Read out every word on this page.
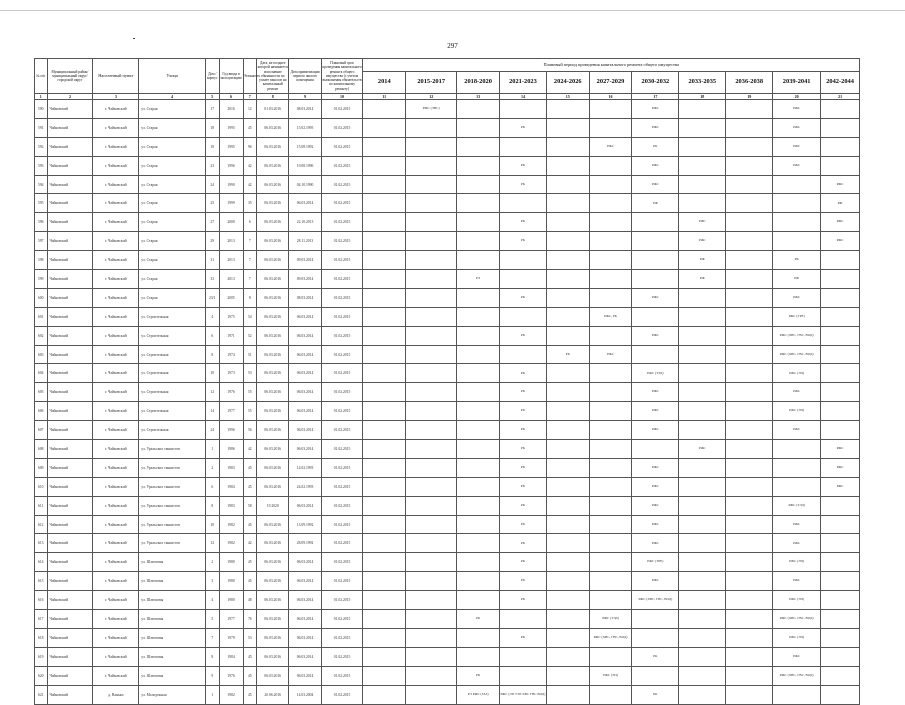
297
№ п/п	Муниципальный район/муниципальный округ/городской округ	Населенный пункт	Улица	Дом / корпус	Год ввода в эксплуатацию	Этажность	Дата, не позднее которой начинается исполнение обязанности по уплате взносов на капитальный ремонт	Дата приватизации первого жилого помещения	Плановый срок проведения капитального ремонта общего имущества (с учетом выполнения обязательств по капитальному ремонту)	Плановый период проведения капитального ремонта общего имущества										
										2014	2015-2017	2018-2020	2021-2023	2024-2026	2027-2029	2030-2032	2033-2035	2036-2038	2039-2041	2042-2044
1	2	3	4	5	6	7	8	9	10	11	12	13	14	15	16	17	18	19	20	21
590	Чайковский	г. Чайковский	ул. Старая	17	2016	12	01.03.2016	08.03.2014	01.02.2015		РЖС (ЭВС)					РЖС			РЖС	
591	Чайковский	г. Чайковский	ул. Старая	18	1995	45	06.03.2016	15.02.1995	01.02.2015				РК			РЖС			РЖС	
592	Чайковский	г. Чайковский	ул. Старая	19	1995	96	06.03.2016	15.08.1992	01.02.2015						РЖС	РК			РЖС	
593	Чайковский	г. Чайковский	ул. Старая	23	1996	42	06.03.2016	19.08.1996	01.02.2015				РК			РЖС			РЖС	
594	Чайковский	г. Чайковский	ул. Старая	24	1990	42	06.03.2016	04.10.1990	01.02.2015				РК			РЖС				РЖС
595	Чайковский	г. Чайковский	ул. Старая	25	1999	35	06.03.2016	06.03.2014	01.02.2015							РЖ				РЖ
596	Чайковский	г. Чайковский	ул. Старая	27	2000	6	06.03.2016	22.10.2013	01.02.2015				РК				РЖС			РЖС
597	Чайковский	г. Чайковский	ул. Старая	29	2013	7	06.03.2016	28.11.2013	01.02.2015				РК				РЖС			РЖС
598	Чайковский	г. Чайковский	ул. Старая	31	2013	7	06.03.2016	09.03.2014	01.02.2015								РЖ		РК	
599	Чайковский	г. Чайковский	ул. Старая	33	2013	7	06.03.2016	09.03.2014	01.02.2015			РЭ					РЖ		РЖ	
600	Чайковский	г. Чайковский	ул. Старая	23/1	2005	8	06.03.2016	08.03.2014	01.02.2015				РК			РЖС			РЖС	
601	Чайковский	г. Чайковский	ул. Строительная	4	1975	54	06.03.2016	06.03.2014	01.02.2015						РЖС, РК				РЖС (ТРЕ)	
602	Чайковский	г. Чайковский	ул. Строительная	6	1971	52	06.03.2016	06.03.2014	01.02.2015				РК			РЖС			РЖС (ХВС, ГВС, ВОД)	
603	Чайковский	г. Чайковский	ул. Строительная	8	1974	51	06.03.2016	06.03.2014	01.02.2015					РК	РЖС				РЖС (ХВС, ГВС, ВОД)	
604	Чайковский	г. Чайковский	ул. Строительная	10	1973	53	06.03.2016	06.03.2014	01.02.2015				РК			РЖС (ТЭД)			РЖС (ЭП)	
605	Чайковский	г. Чайковский	ул. Строительная	12	1976	55	06.03.2016	06.03.2014	01.02.2015				РК			РЖС			РЖС	
606	Чайковский	г. Чайковский	ул. Строительная	14	1977	55	06.03.2016	06.03.2014	01.02.2015				РК			РЖС			РЖС (ЭП)	
607	Чайковский	г. Чайковский	ул. Строительная	24	1996	56	06.03.2016	06.03.2014	01.02.2015				РК			РЖС			РЖС	
608	Чайковский	г. Чайковский	ул. Уральских танкистов	1	1986	42	06.03.2016	06.03.2014	01.02.2015				РК				РЖС			РЖС
609	Чайковский	г. Чайковский	ул. Уральских танкистов	2	1983	45	06.03.2016	14.02.1993	01.02.2015				РК			РЖС				РЖС
610	Чайковский	г. Чайковский	ул. Уральских танкистов	6	1984	45	06.03.2016	24.02.1993	01.02.2015				РК			РЖС				РЖС
611	Чайковский	г. Чайковский	ул. Уральских танкистов	8	1983	58	19.2020	06.03.2014	01.02.2015				РК			РЖС			РЖС (ТЭД)	
612	Чайковский	г. Чайковский	ул. Уральских танкистов	10	1982	45	06.03.2016	13.09.1992	01.02.2015				РК			РЖС			РЖС	
613	Чайковский	г. Чайковский	ул. Уральских танкистов	12	1982	42	06.03.2016	28.09.1992	01.02.2015				РК			РЖС			РЖС	
614	Чайковский	г. Чайковский	ул. Шлюзовая	2	1980	45	06.03.2016	06.03.2014	01.02.2015				РК			РЖС (ТРЕ)			РЖС (ЭП)	
615	Чайковский	г. Чайковский	ул. Шлюзовая	3	1980	45	06.03.2016	06.03.2014	01.02.2015				РК			РЖС			РЖС	
616	Чайковский	г. Чайковский	ул. Шлюзовая	4	1980	48	06.03.2016	06.03.2014	01.02.2015				РК			РЖС (ХВС, ГВС, ВОД)			РЖС (ЭП)	
617	Чайковский	г. Чайковский	ул. Шлюзовая	5	1977	76	06.03.2016	06.03.2014	01.02.2015			РК			РЖС (ТЭД)				РЖС (ХВС, ГВС, ВОД)	
618	Чайковский	г. Чайковский	ул. Шлюзовая	7	1979	53	06.03.2016	06.03.2014	01.02.2015				РК		РЖС (ХВС, ГВС, ВОД)				РЖС (ЭП)	
619	Чайковский	г. Чайковский	ул. Шлюзовая	8	1984	45	06.03.2016	06.03.2014	01.02.2015							РК			РЖС	
620	Чайковский	г. Чайковский	ул. Шлюзовая	9	1976	45	06.03.2016	06.03.2014	01.02.2015			РК			РЖС (ЭП)				РЖС (ХВС, ГВС, ВОД)	
621	Чайковский	д. Ваньки	ул. Молодежная	1	1982	45	20.06.2016	14.03.2004	01.02.2015			РЭ РЖС (ГАЗ)	РЖС (ЭП ТЭЛ ХВС ГВС ВОД)			РК				
